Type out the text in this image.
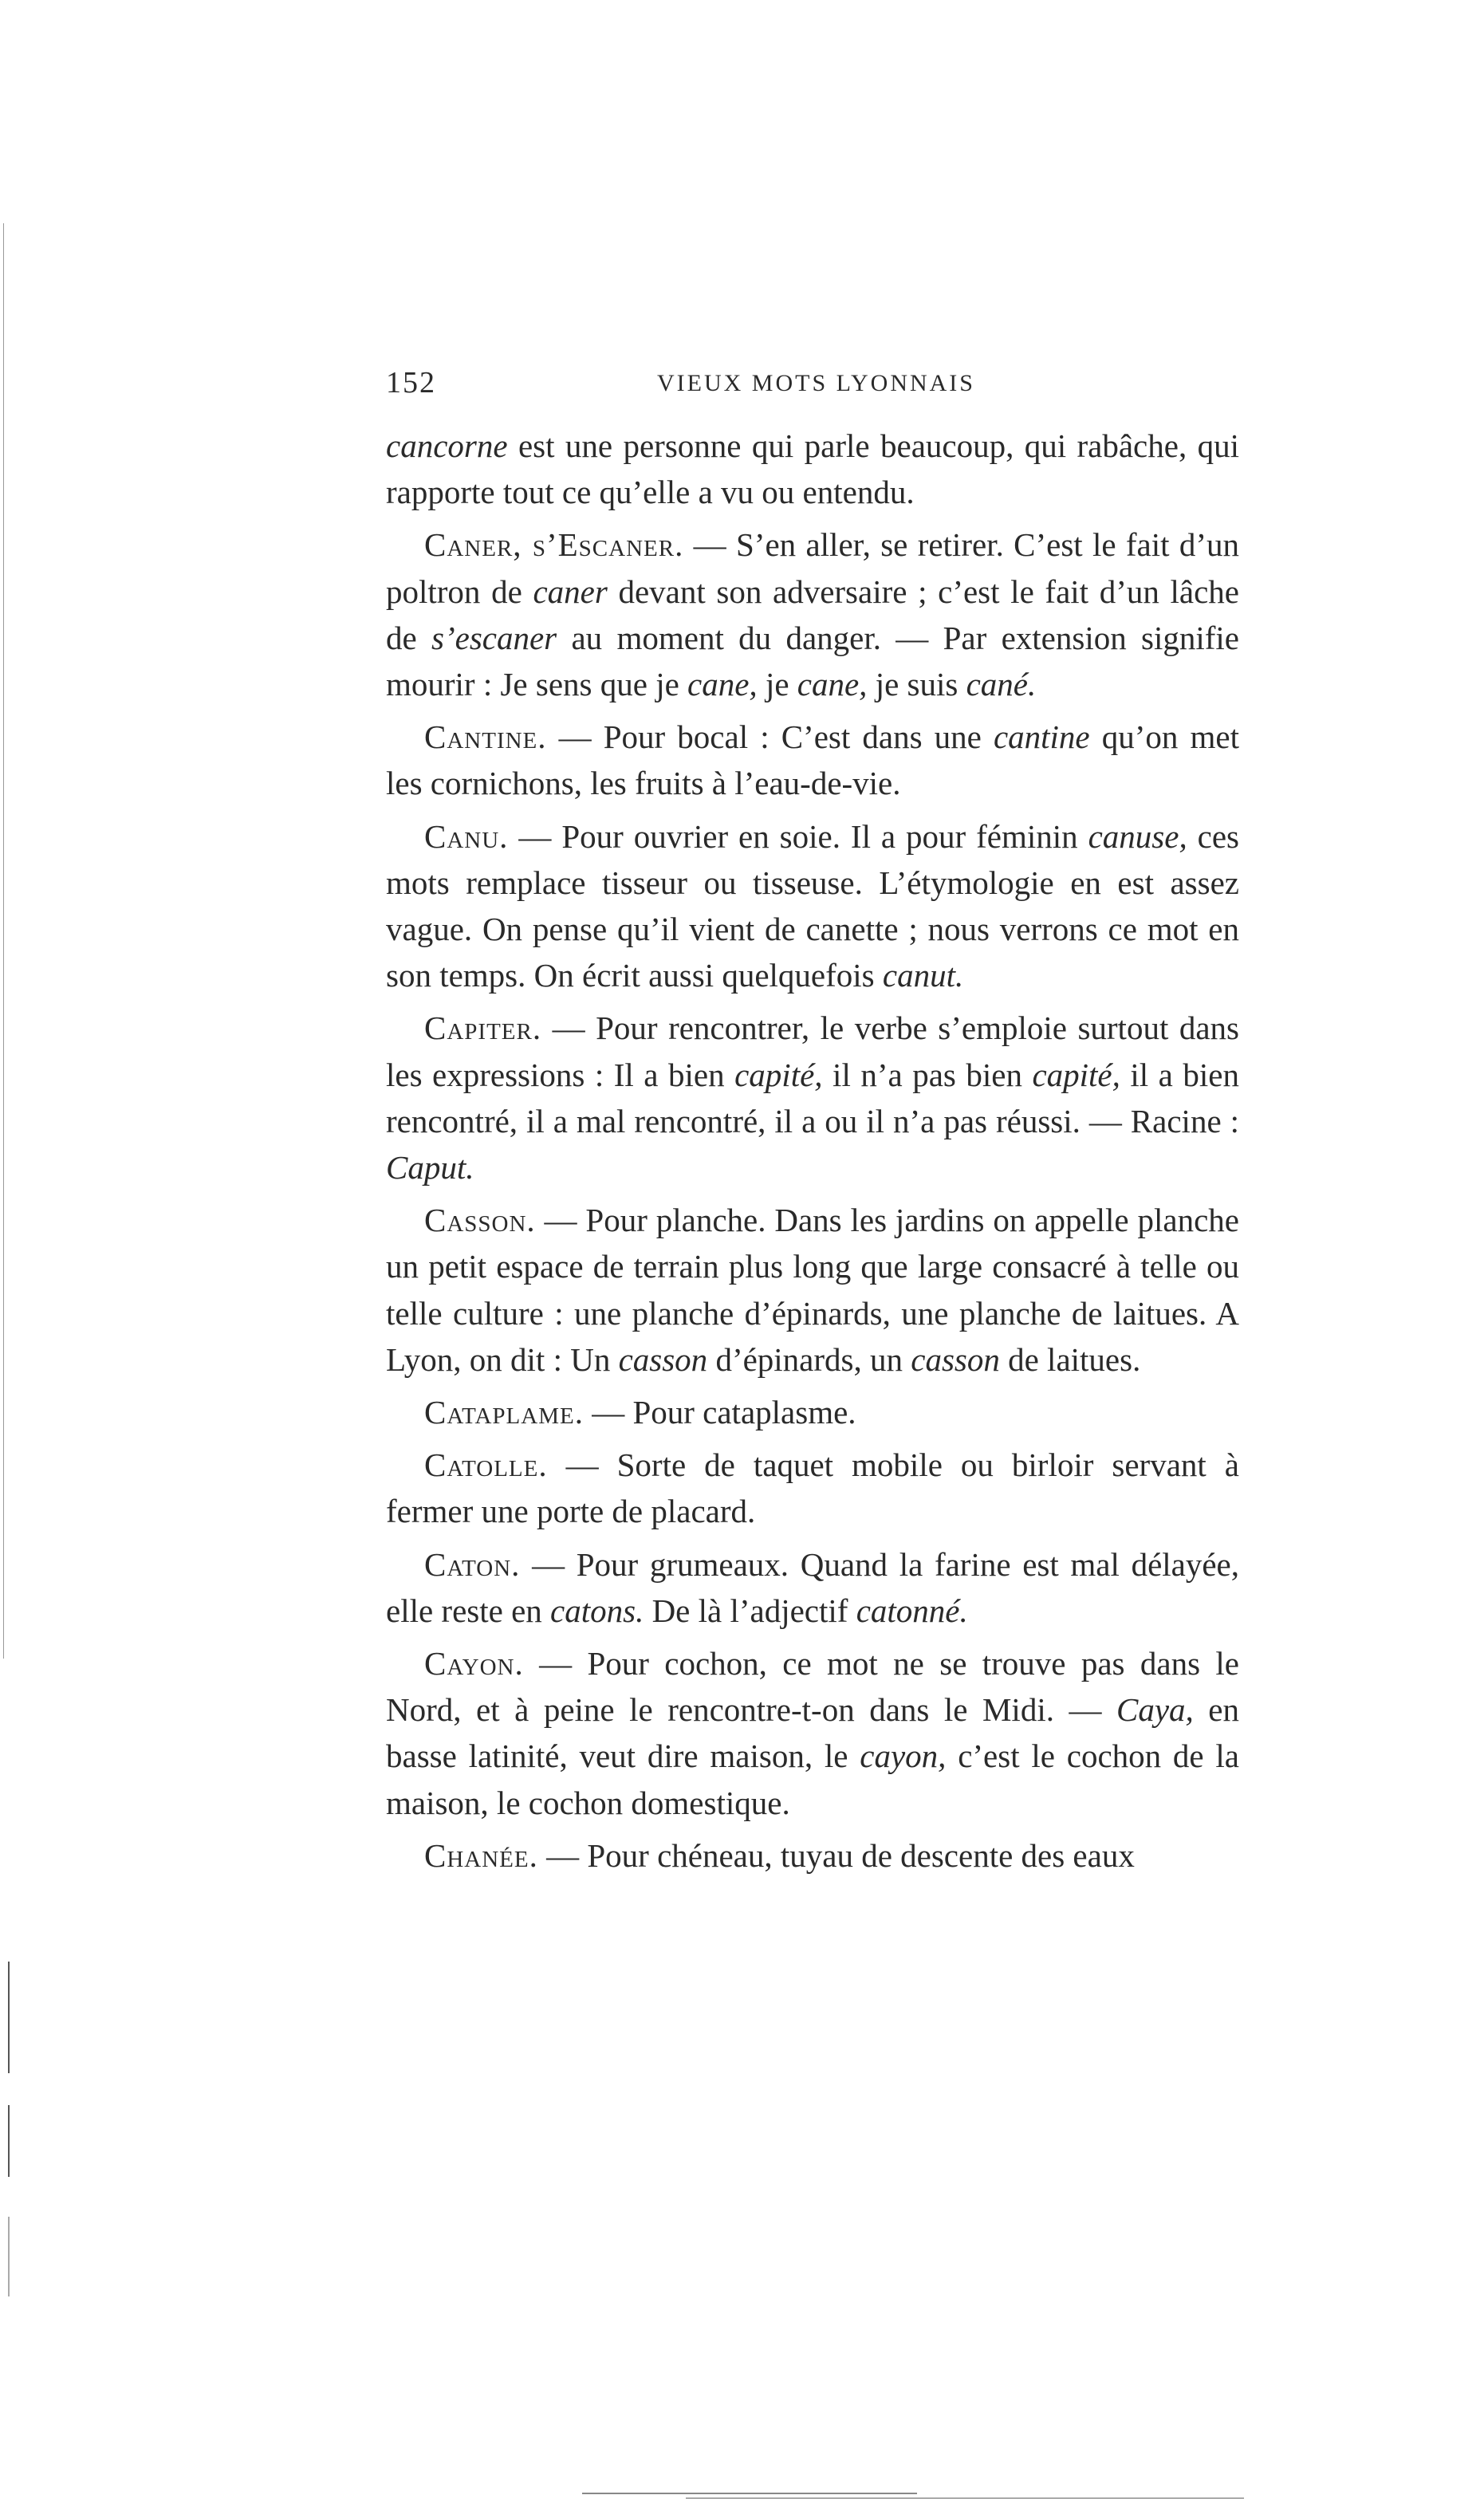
152	VIEUX MOTS LYONNAIS

cancorne est une personne qui parle beaucoup, qui rabâche, qui rapporte tout ce qu’elle a vu ou entendu.

Caner, s’Escaner. — S’en aller, se retirer. C’est le fait d’un poltron de caner devant son adversaire ; c’est le fait d’un lâche de s’escaner au moment du danger. — Par extension signifie mourir : Je sens que je cane, je cane, je suis cané.

Cantine. — Pour bocal : C’est dans une cantine qu’on met les cornichons, les fruits à l’eau-de-vie.

Canu. — Pour ouvrier en soie. Il a pour féminin canuse, ces mots remplace tisseur ou tisseuse. L’étymologie en est assez vague. On pense qu’il vient de canette ; nous verrons ce mot en son temps. On écrit aussi quelquefois canut.

Capiter. — Pour rencontrer, le verbe s’emploie surtout dans les expressions : Il a bien capité, il n’a pas bien capité, il a bien rencontré, il a mal rencontré, il a ou il n’a pas réussi. — Racine : Caput.

Casson. — Pour planche. Dans les jardins on appelle planche un petit espace de terrain plus long que large consacré à telle ou telle culture : une planche d’épinards, une planche de laitues. A Lyon, on dit : Un casson d’épinards, un casson de laitues.

Cataplame. — Pour cataplasme.

Catolle. — Sorte de taquet mobile ou birloir servant à fermer une porte de placard.

Caton. — Pour grumeaux. Quand la farine est mal délayée, elle reste en catons. De là l’adjectif catonné.

Cayon. — Pour cochon, ce mot ne se trouve pas dans le Nord, et à peine le rencontre-t-on dans le Midi. — Caya, en basse latinité, veut dire maison, le cayon, c’est le cochon de la maison, le cochon domestique.

Chanée. — Pour chéneau, tuyau de descente des eaux
